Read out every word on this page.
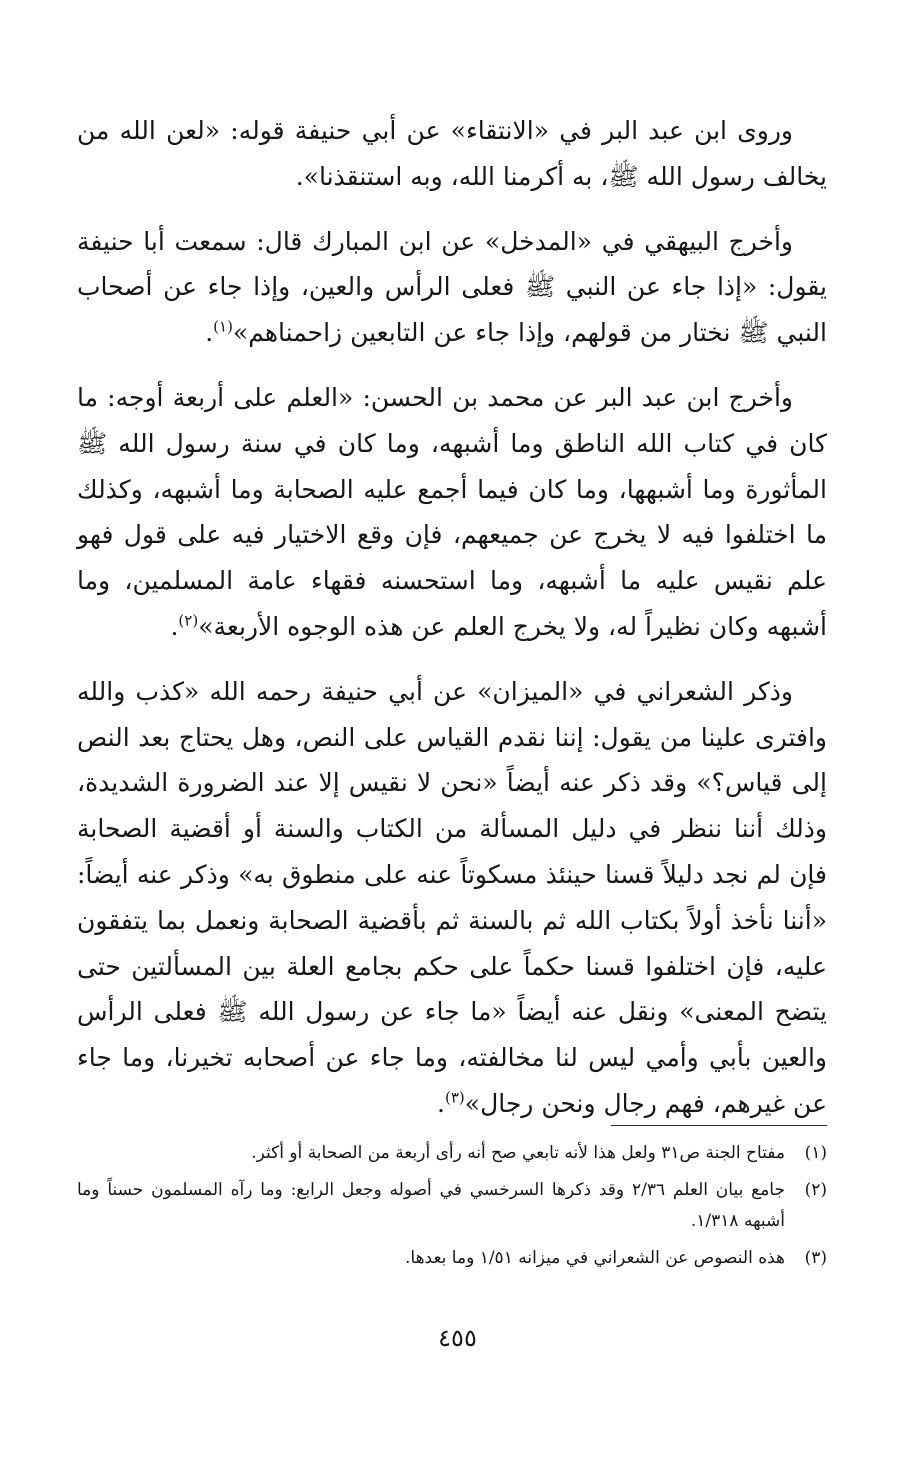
وروى ابن عبد البر في «الانتقاء» عن أبي حنيفة قوله: «لعن الله من يخالف رسول الله ﷺ، به أكرمنا الله، وبه استنقذنا».

وأخرج البيهقي في «المدخل» عن ابن المبارك قال: سمعت أبا حنيفة يقول: «إذا جاء عن النبي ﷺ فعلى الرأس والعين، وإذا جاء عن أصحاب النبي ﷺ نختار من قولهم، وإذا جاء عن التابعين زاحمناهم»$^{(١)}$.

وأخرج ابن عبد البر عن محمد بن الحسن: «العلم على أربعة أوجه: ما كان في كتاب الله الناطق وما أشبهه، وما كان في سنة رسول الله ﷺ المأثورة وما أشبهها، وما كان فيما أجمع عليه الصحابة وما أشبهه، وكذلك ما اختلفوا فيه لا يخرج عن جميعهم، فإن وقع الاختيار فيه على قول فهو علم نقيس عليه ما أشبهه، وما استحسنه فقهاء عامة المسلمين، وما أشبهه وكان نظيراً له، ولا يخرج العلم عن هذه الوجوه الأربعة»$^{(٢)}$.

وذكر الشعراني في «الميزان» عن أبي حنيفة رحمه الله «كذب والله وافترى علينا من يقول: إننا نقدم القياس على النص، وهل يحتاج بعد النص إلى قياس؟» وقد ذكر عنه أيضاً «نحن لا نقيس إلا عند الضرورة الشديدة، وذلك أننا ننظر في دليل المسألة من الكتاب والسنة أو أقضية الصحابة فإن لم نجد دليلاً قسنا حينئذ مسكوتاً عنه على منطوق به» وذكر عنه أيضاً: «أننا نأخذ أولاً بكتاب الله ثم بالسنة ثم بأقضية الصحابة ونعمل بما يتفقون عليه، فإن اختلفوا قسنا حكماً على حكم بجامع العلة بين المسألتين حتى يتضح المعنى» ونقل عنه أيضاً «ما جاء عن رسول الله ﷺ فعلى الرأس والعين بأبي وأمي ليس لنا مخالفته، وما جاء عن أصحابه تخيرنا، وما جاء عن غيرهم، فهم رجال ونحن رجال»$^{(٣)}$.

(١)
مفتاح الجنة ص٣١ ولعل هذا لأنه تابعي صح أنه رأى أربعة من الصحابة أو أكثر.
(٢)
جامع بيان العلم ٢/٣٦ وقد ذكرها السرخسي في أصوله وجعل الرابع: وما رآه المسلمون حسناً وما أشبهه ١/٣١٨.
(٣)
هذه النصوص عن الشعراني في ميزانه ١/٥١ وما بعدها.
٤٥٥
